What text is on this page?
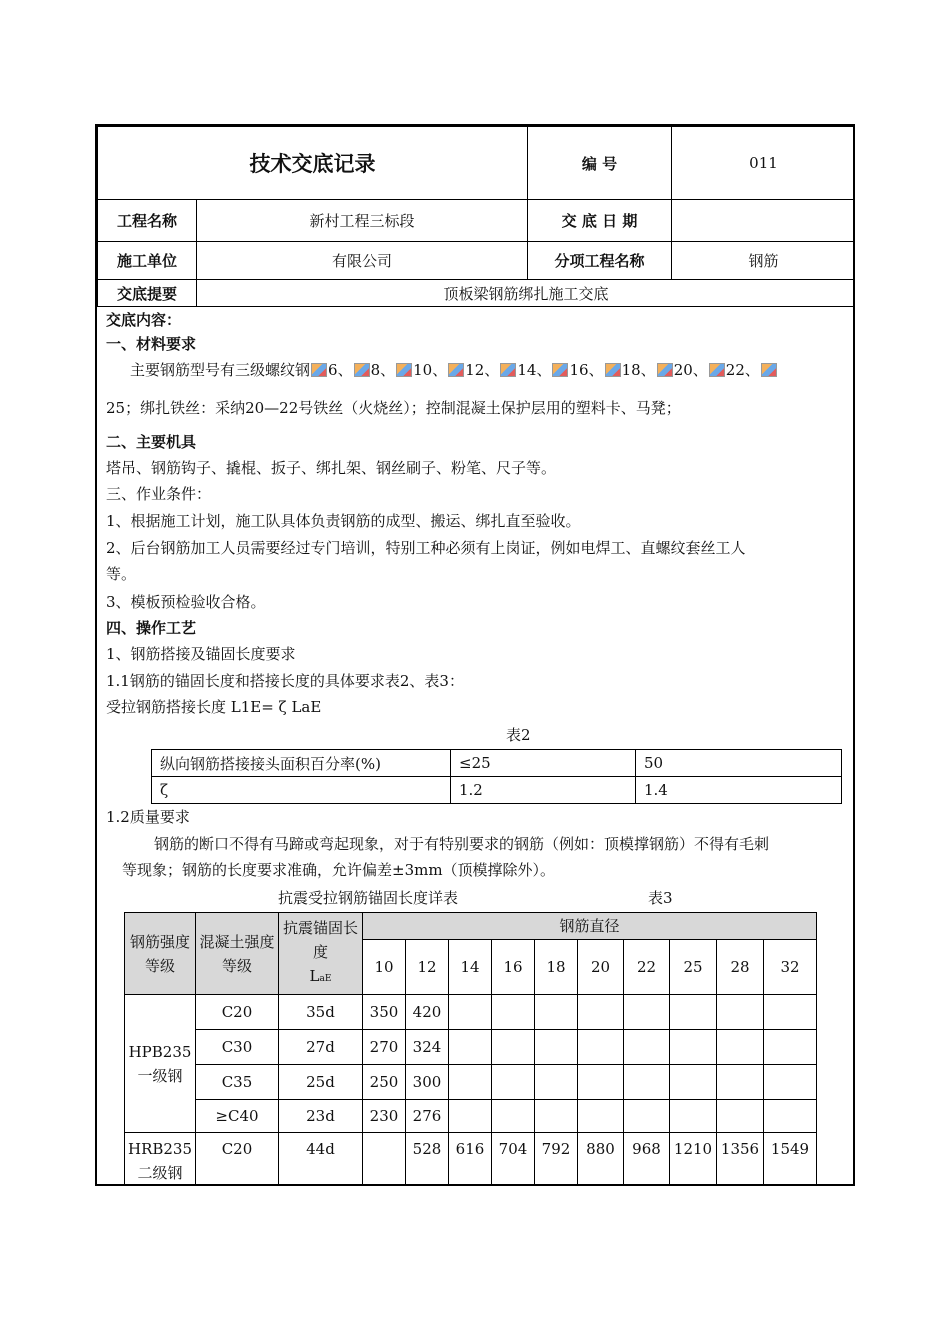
技术交底记录		编 号	011
工程名称	新村工程三标段	交 底 日 期	
施工单位	有限公司	分项工程名称	钢筋
交底提要	顶板梁钢筋绑扎施工交底		
交底内容：
一、材料要求
主要钢筋型号有三级螺纹钢 6、 8、 10、 12、 14、 16、 18、 20、 22、
25；绑扎铁丝：采纳20—22号铁丝（火烧丝）；控制混凝土保护层用的塑料卡、马凳；
二、主要机具
塔吊、钢筋钩子、撬棍、扳子、绑扎架、钢丝刷子、粉笔、尺子等。
三、作业条件：
1、根据施工计划，施工队具体负责钢筋的成型、搬运、绑扎直至验收。
2、后台钢筋加工人员需要经过专门培训，特别工种必须有上岗证，例如电焊工、直螺纹套丝工人
等。
3、模板预检验收合格。
四、操作工艺
1、钢筋搭接及锚固长度要求
1.1钢筋的锚固长度和搭接长度的具体要求表2、表3：
受拉钢筋搭接长度 L1E= ζ LaE
表2
纵向钢筋搭接接头面积百分率(%)	≤25	50
ζ	1.2	1.4
1.2质量要求
钢筋的断口不得有马蹄或弯起现象，对于有特别要求的钢筋（例如：顶模撑钢筋）不得有毛刺
等现象；钢筋的长度要求准确，允许偏差±3mm（顶模撑除外）。
抗震受拉钢筋锚固长度详表	表3
钢筋强度等级	混凝土强度等级	抗震锚固长度
LaE	钢筋直径									
			10	12	14	16	18	20	22	25	28	32
HPB235一级钢	C20	35d	350	420								
	C30	27d	270	324								
	C35	25d	250	300								
	≥C40	23d	230	276								
HRB235二级钢	C20	44d		528	616	704	792	880	968	1210	1356	1549
